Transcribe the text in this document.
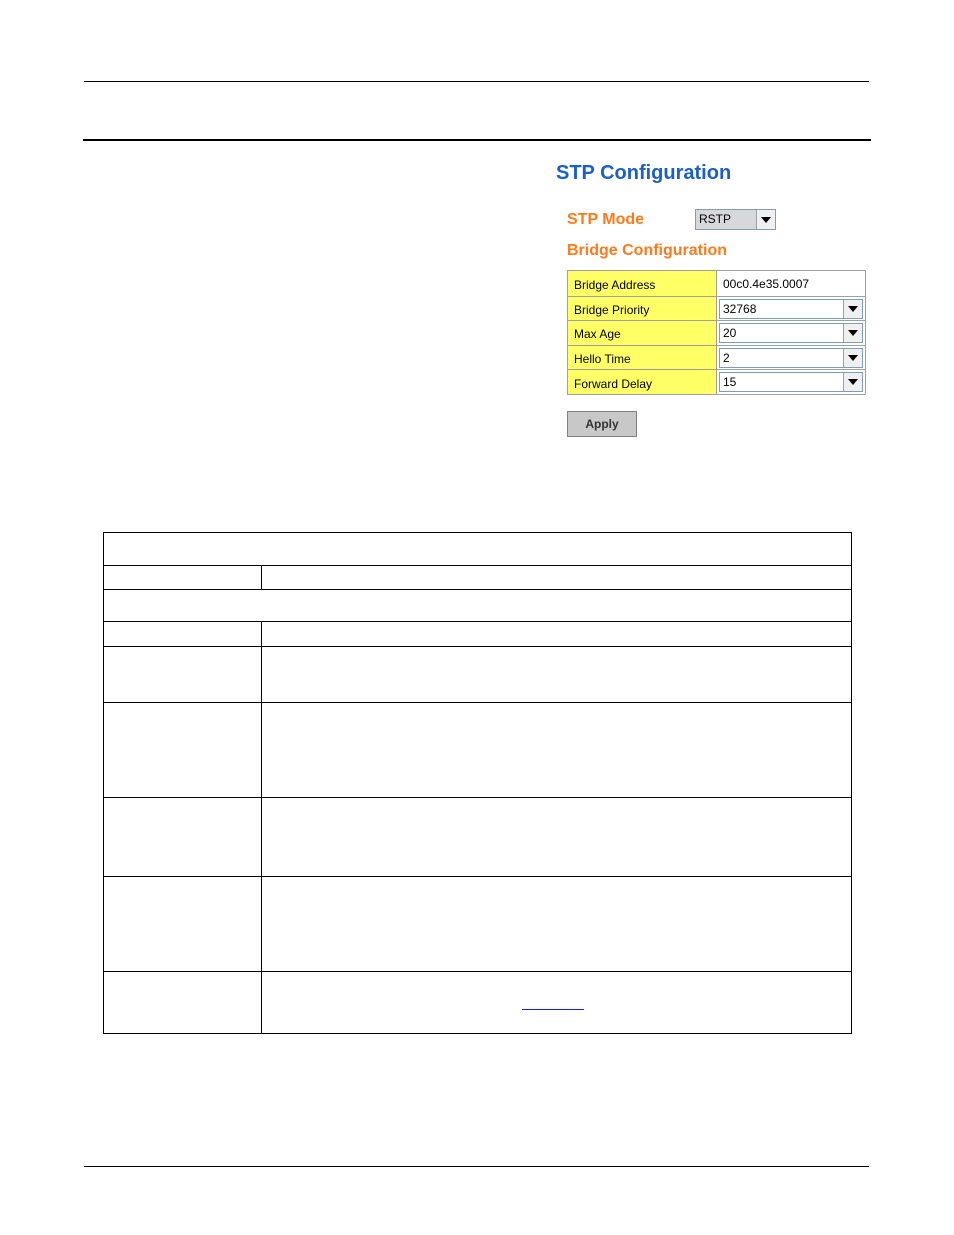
STP Configuration
STP Mode	RSTP
Bridge Configuration
Bridge Address	00c0.4e35.0007
Bridge Priority	32768
Max Age	20
Hello Time	2
Forward Delay	15
Apply
